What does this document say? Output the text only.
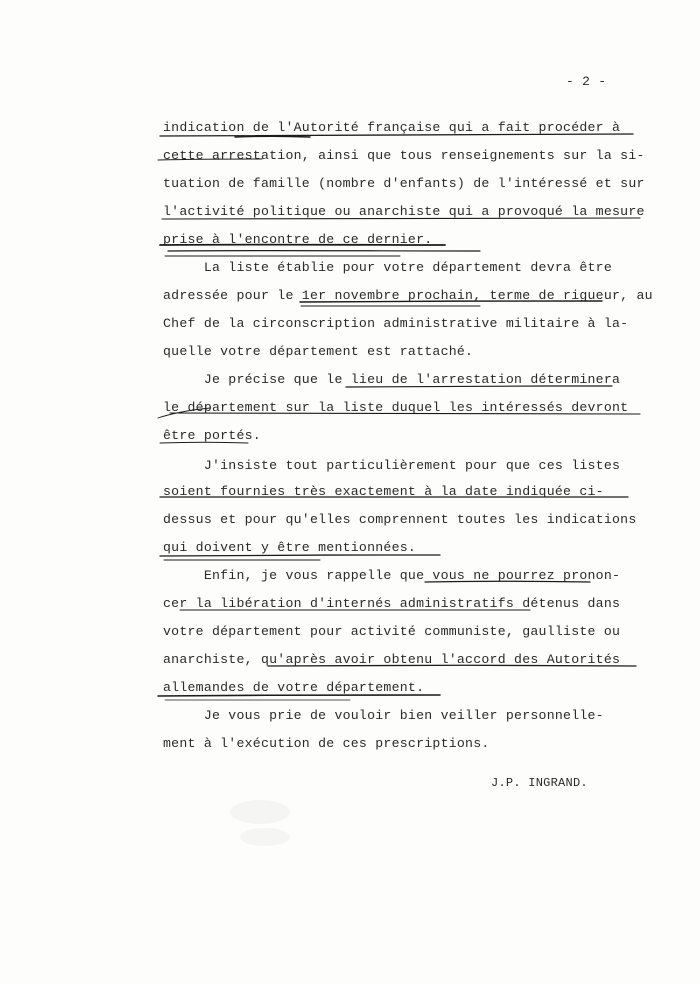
- 2 -
indication de l'Autorité française qui a fait procéder à
cette arrestation, ainsi que tous renseignements sur la si-
tuation de famille (nombre d'enfants) de l'intéressé et sur
l'activité politique ou anarchiste qui a provoqué la mesure
prise à l'encontre de ce dernier.
La liste établie pour votre département devra être
adressée pour le 1er novembre prochain, terme de rigueur, au
Chef de la circonscription administrative militaire à la-
quelle votre département est rattaché.
Je précise que le lieu de l'arrestation déterminera
le département sur la liste duquel les intéressés devront
être portés.
J'insiste tout particulièrement pour que ces listes
soient fournies très exactement à la date indiquée ci-
dessus et pour qu'elles comprennent toutes les indications
qui doivent y être mentionnées.
Enfin, je vous rappelle que vous ne pourrez pronon-
cer la libération d'internés administratifs détenus dans
votre département pour activité communiste, gaulliste ou
anarchiste, qu'après avoir obtenu l'accord des Autorités
allemandes de votre département.
Je vous prie de vouloir bien veiller personnelle-
ment à l'exécution de ces prescriptions.
J.P. INGRAND.
